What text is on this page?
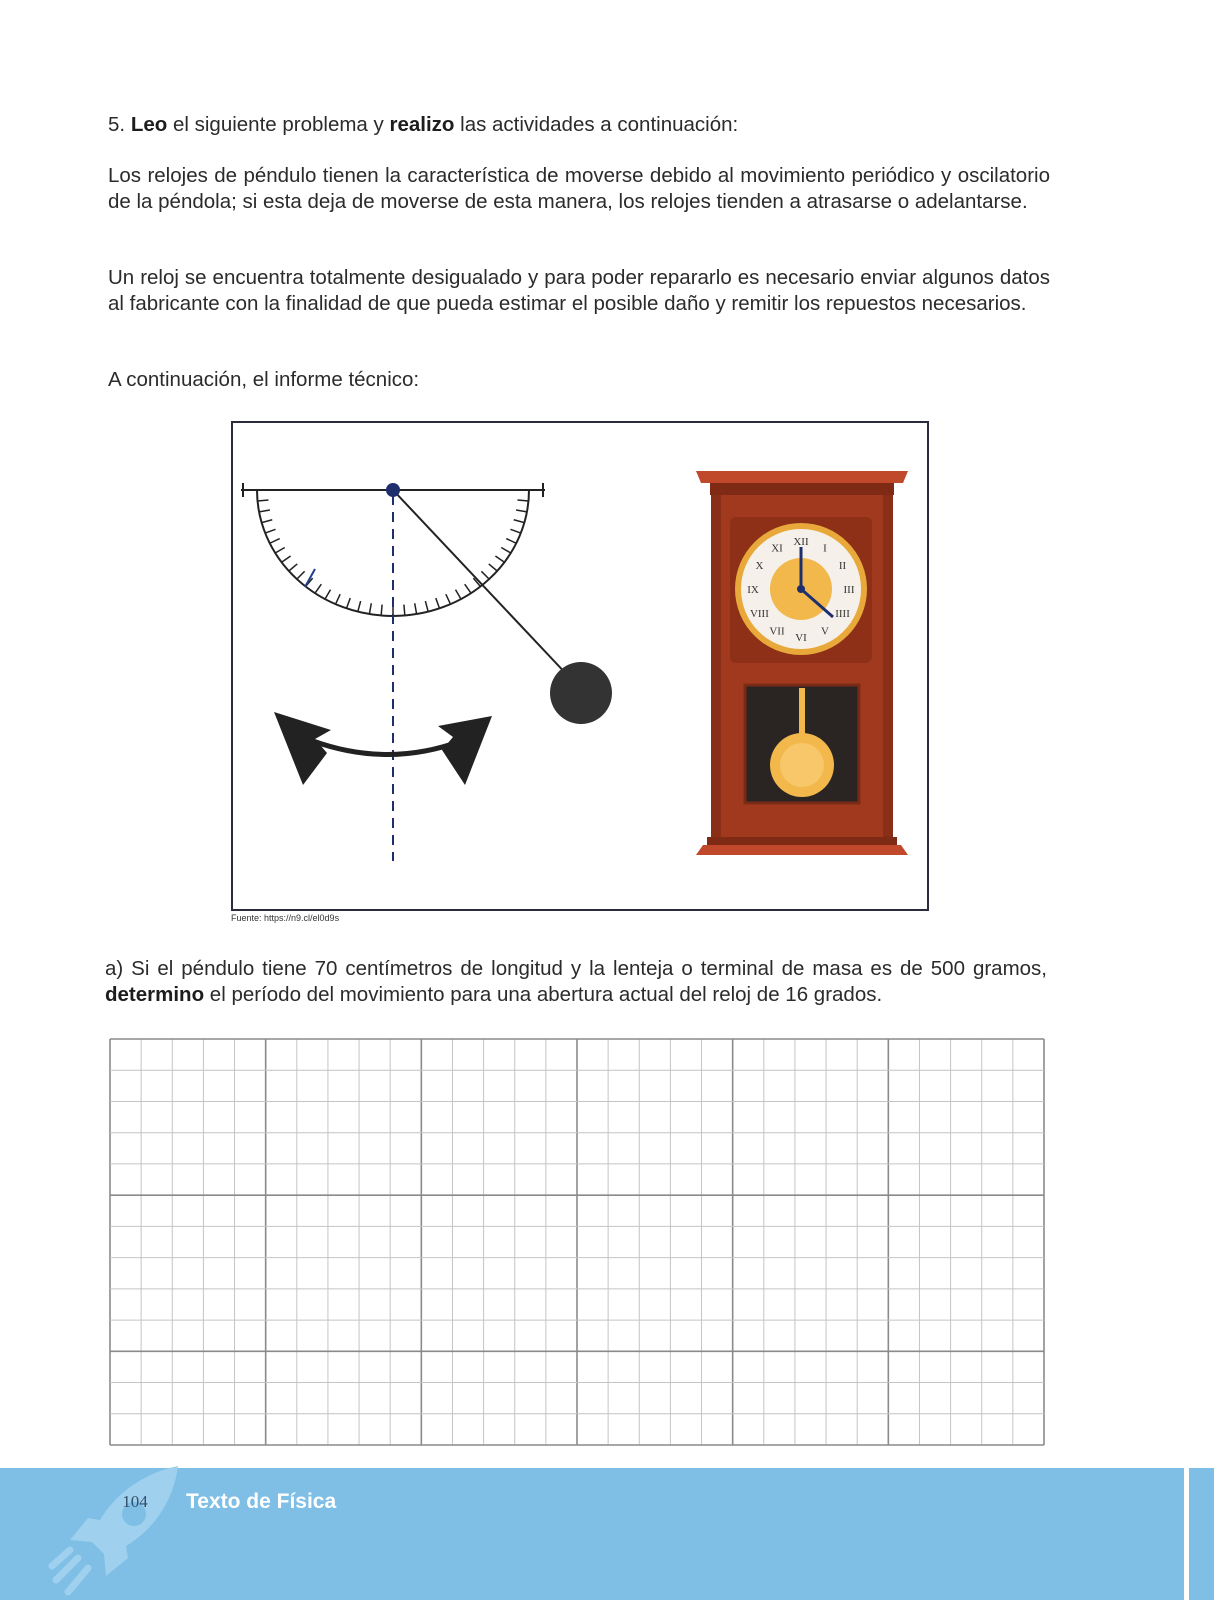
5. Leo el siguiente problema y realizo las actividades a continuación:
Los relojes de péndulo tienen la característica de moverse debido al movimiento periódico y oscilatorio de la péndola; si esta deja de moverse de esta manera, los relojes tienden a atrasarse o adelantarse.
Un reloj se encuentra totalmente desigualado y para poder repararlo es necesario enviar algunos datos al fabricante con la finalidad de que pueda estimar el posible daño y remitir los repuestos necesarios.
A continuación, el informe técnico:
XII
I
II
III
IIII
V
VI
VII
VIII
IX
X
XI
Fuente: https://n9.cl/el0d9s
a) Si el péndulo tiene 70 centímetros de longitud y la lenteja o terminal de masa es de 500 gramos, determino el período del movimiento para una abertura actual del reloj de 16 grados.
104 Texto de Física
